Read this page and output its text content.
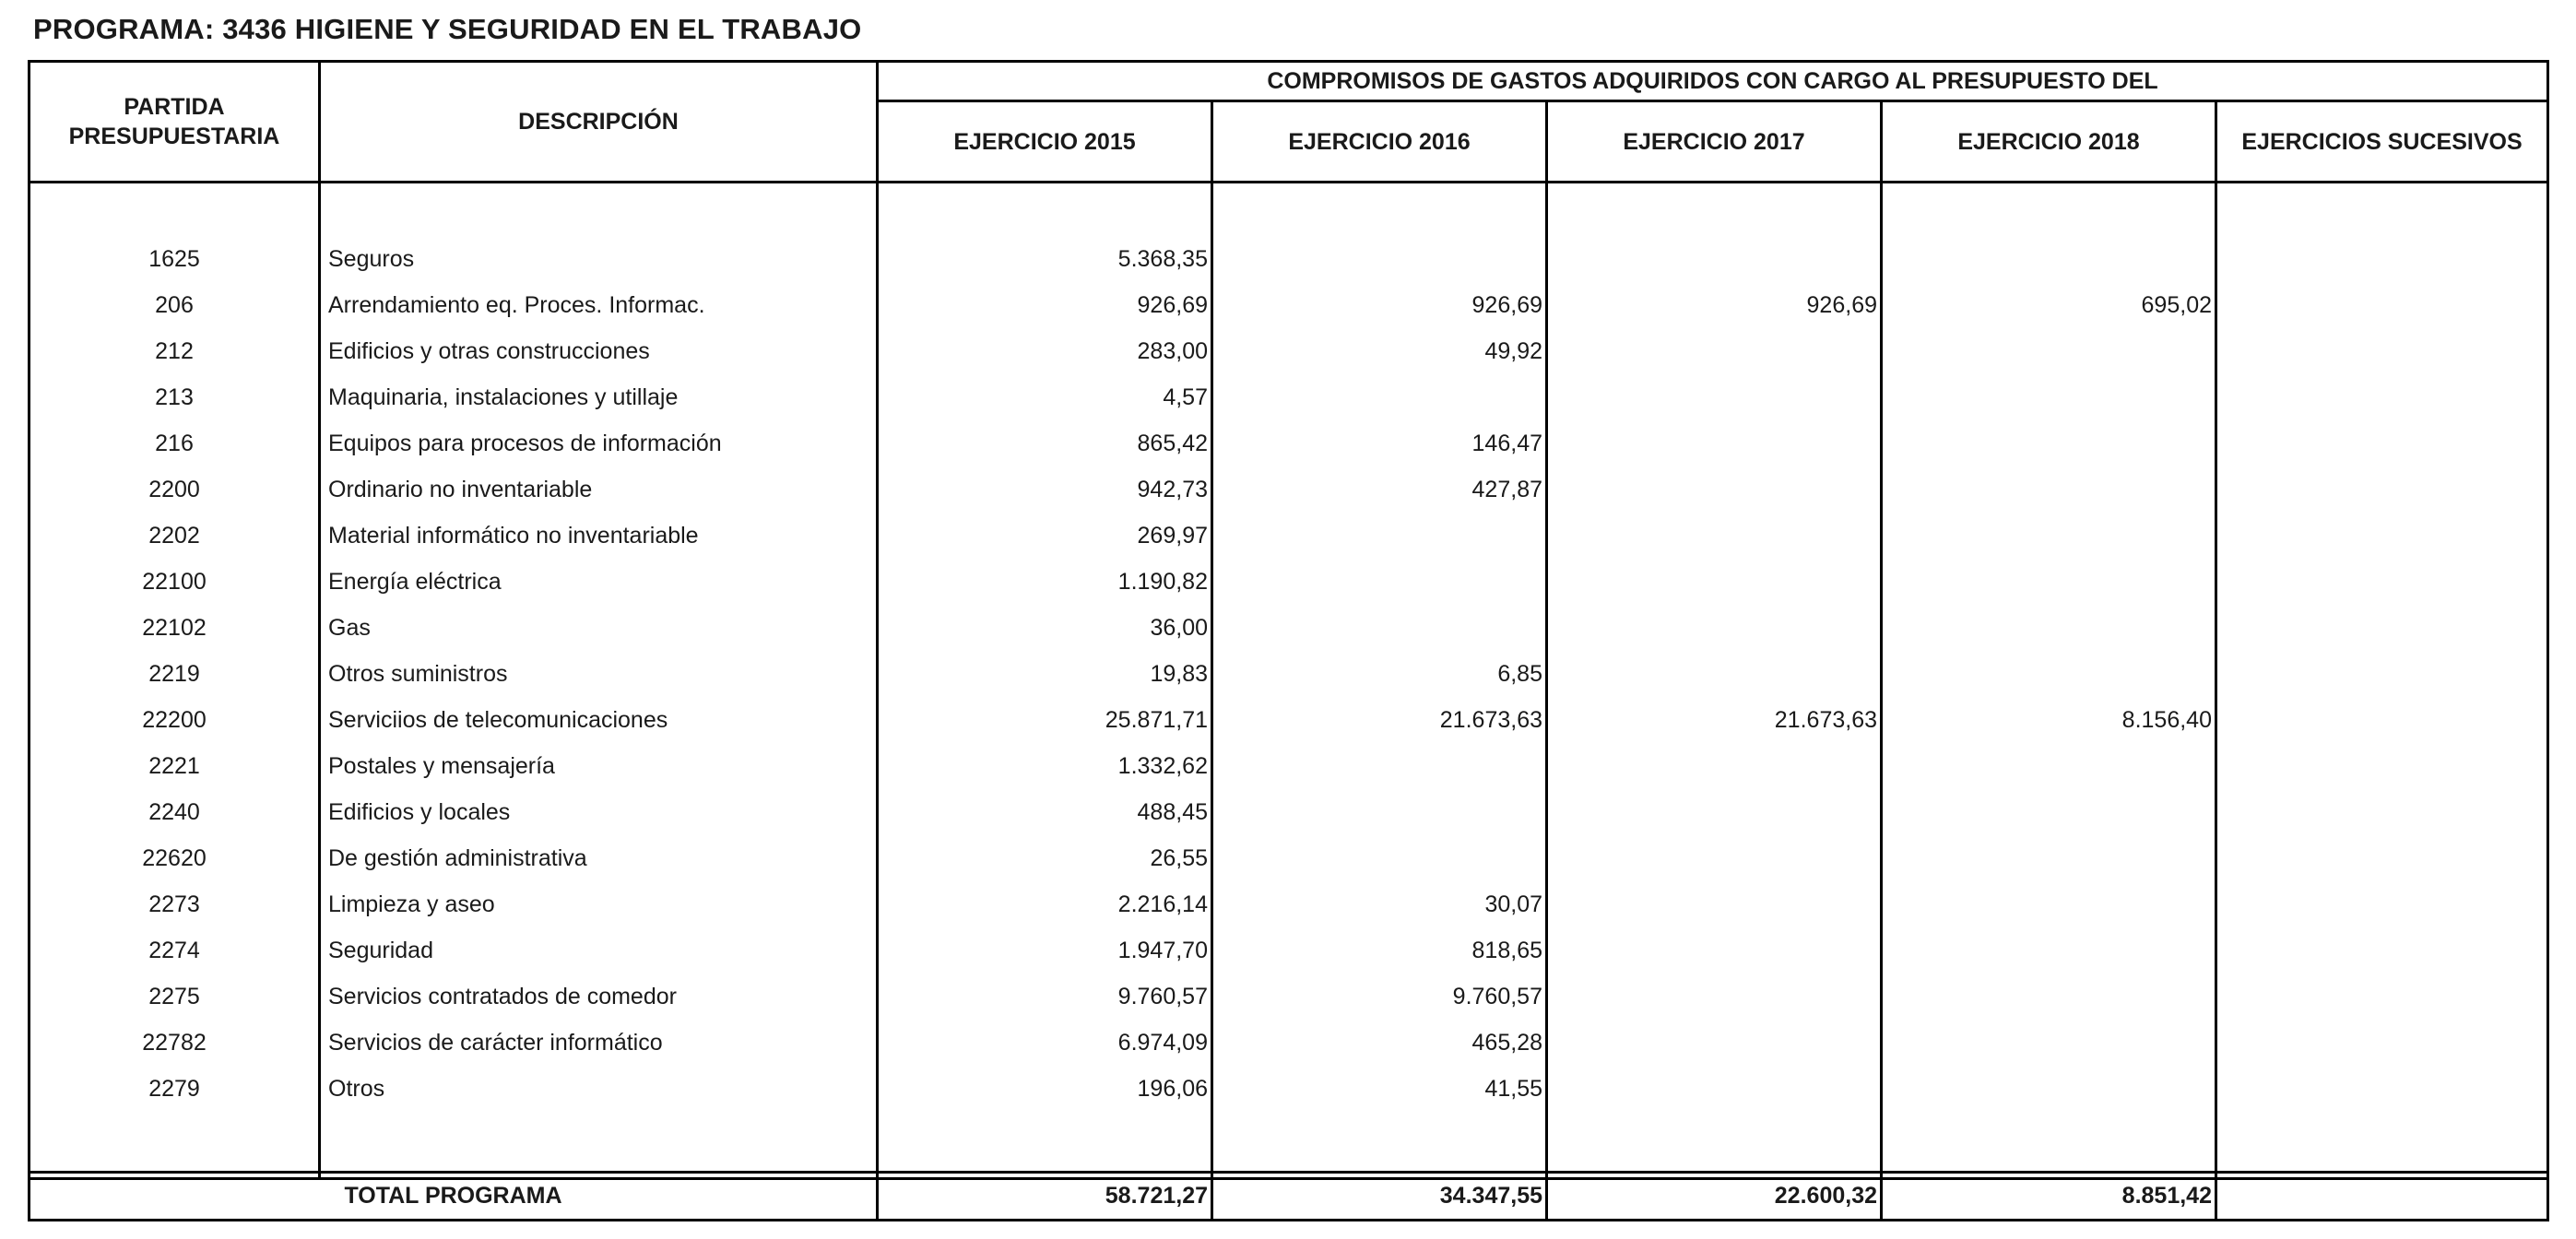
PROGRAMA: 3436 HIGIENE Y SEGURIDAD EN EL TRABAJO
PARTIDA PRESUPUESTARIA	DESCRIPCIÓN	COMPROMISOS DE GASTOS ADQUIRIDOS CON CARGO AL PRESUPUESTO DEL				
		EJERCICIO 2015	EJERCICIO 2016	EJERCICIO 2017	EJERCICIO 2018	EJERCICIOS SUCESIVOS

1625	Seguros	5.368,35				
206	Arrendamiento eq. Proces. Informac.	926,69	926,69	926,69	695,02	
212	Edificios y otras construcciones	283,00	49,92			
213	Maquinaria, instalaciones y utillaje	4,57				
216	Equipos para procesos de información	865,42	146,47			
2200	Ordinario no inventariable	942,73	427,87			
2202	Material informático no inventariable	269,97				
22100	Energía eléctrica	1.190,82				
22102	Gas	36,00				
2219	Otros suministros	19,83	6,85			
22200	Serviciios de telecomunicaciones	25.871,71	21.673,63	21.673,63	8.156,40	
2221	Postales y mensajería	1.332,62				
2240	Edificios y locales	488,45				
22620	De gestión administrativa	26,55				
2273	Limpieza y aseo	2.216,14	30,07			
2274	Seguridad	1.947,70	818,65			
2275	Servicios contratados de comedor	9.760,57	9.760,57			
22782	Servicios de carácter informático	6.974,09	465,28			
2279	Otros	196,06	41,55			

TOTAL PROGRAMA	58.721,27	34.347,55	22.600,32	8.851,42	
